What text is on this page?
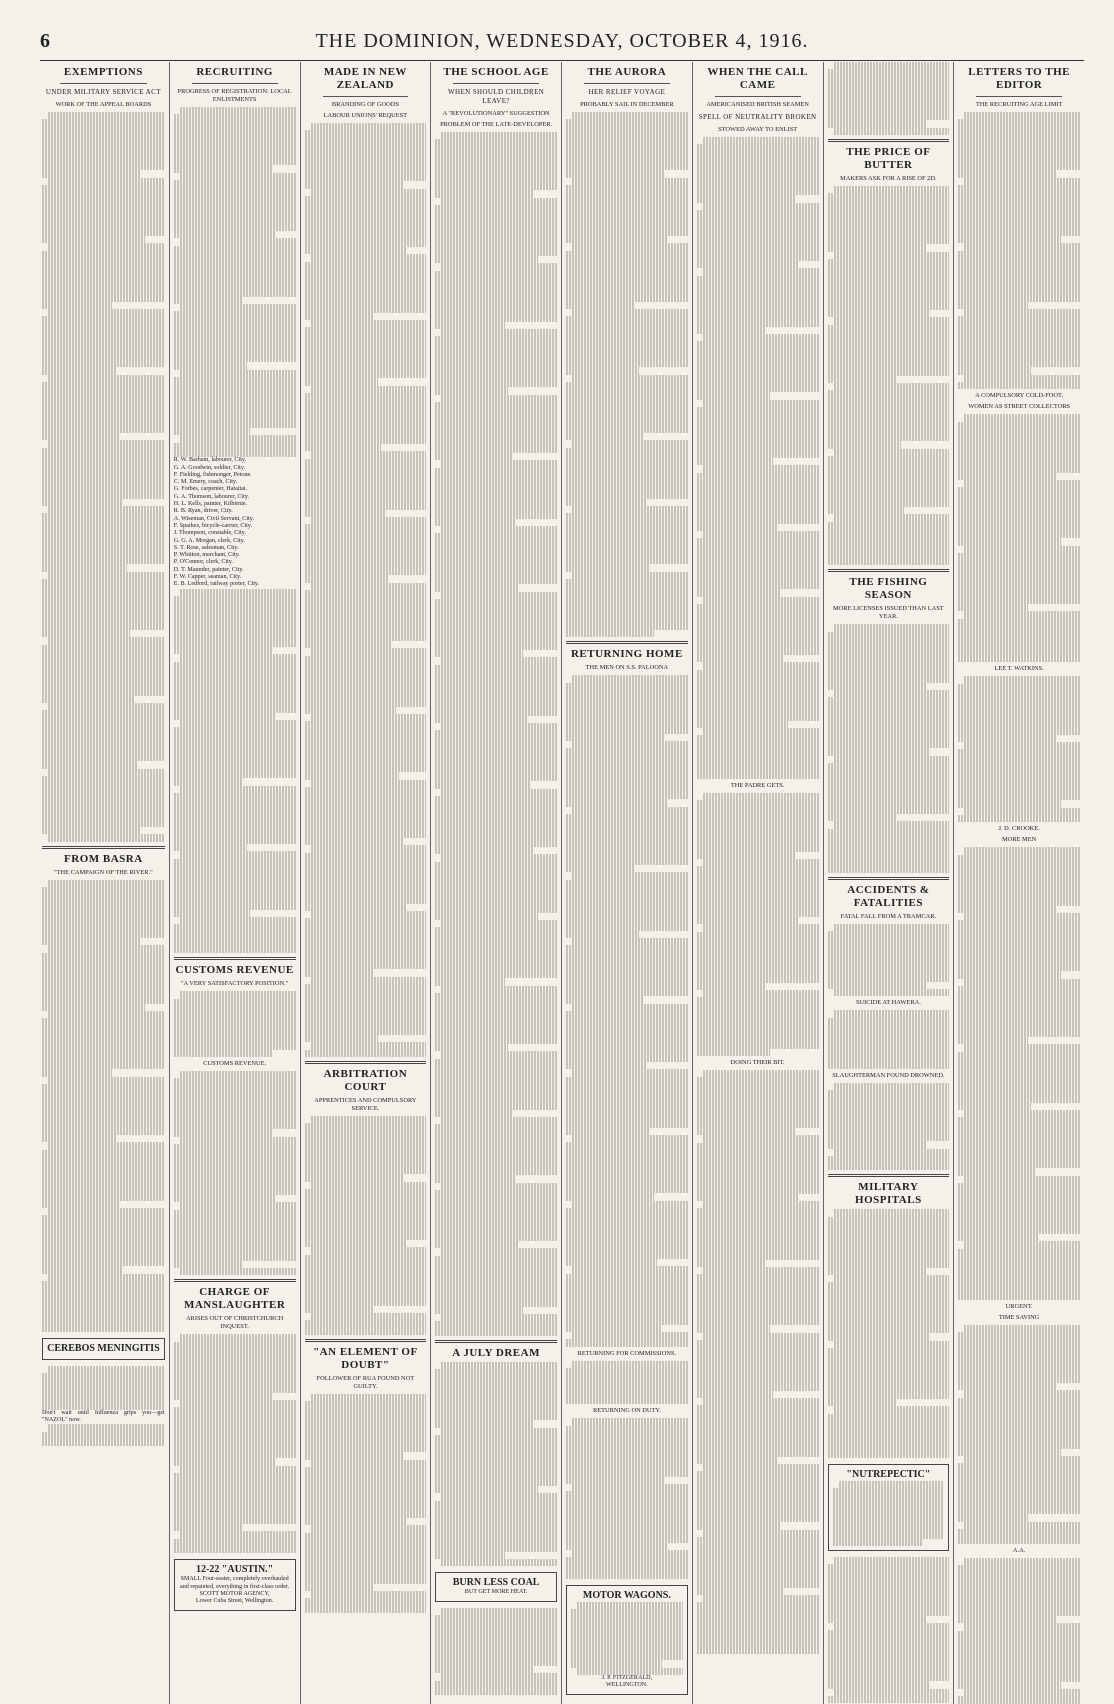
6	THE DOMINION, WEDNESDAY, OCTOBER 4, 1916.
EXEMPTIONS
UNDER MILITARY SERVICE ACT
WORK OF THE APPEAL BOARDS
FROM BASRA
"THE CAMPAIGN OF THE RIVER."
CEREBOS MENINGITIS
Don't wait until Influenza grips you—get "NAZOL" now.
RECRUITING
PROGRESS OF REGISTRATION: LOCAL ENLISTMENTS
R. W. Barham, labourer, City.
G. A. Goodwin, soldier, City.
F. Fielding, fishmonger, Petone.
C. M. Emery, coach, City.
G. Forbes, carpenter, Hataitai.
G. A. Thomson, labourer, City.
H. L. Kells, painter, Kilbirnie.
R. B. Ryan, driver, City.
A. Wiseman, Civil Servant, City.
F. Sparkes, bicycle-carrier, City.
J. Thompson, constable, City.
G. G. A. Morgan, clerk, City.
S. T. Rose, salesman, City.
P. Whitton, merchant, City.
P. O'Connor, clerk, City.
D. T. Maunder, painter, City.
F. W. Capper, seaman, City.
E. B. Ledford, railway porter, City.
CUSTOMS REVENUE
"A VERY SATISFACTORY POSITION."
CUSTOMS REVENUE.
CHARGE OF MANSLAUGHTER
ARISES OUT OF CHRISTCHURCH INQUEST.
12-22 "AUSTIN."
SMALL Four-seater, completely overhauled and repainted, everything in first-class order.
SCOTT MOTOR AGENCY,
Lower Cuba Street, Wellington.
MADE IN NEW ZEALAND
BRANDING OF GOODS
LABOUR UNIONS' REQUEST
ARBITRATION COURT
APPRENTICES AND COMPULSORY SERVICE.
"AN ELEMENT OF DOUBT"
FOLLOWER OF RUA FOUND NOT GUILTY.
THE SCHOOL AGE
WHEN SHOULD CHILDREN LEAVE?
A "REVOLUTIONARY" SUGGESTION
PROBLEM OF THE LATE-DEVELOPER.
A JULY DREAM
BURN LESS COAL
BUT GET MORE HEAT.
THE AURORA
HER RELIEF VOYAGE
PROBABLY SAIL IN DECEMBER
RETURNING HOME
THE MEN ON S.S. PALOONA
RETURNING FOR COMMISSIONS.
RETURNING ON DUTY.
MOTOR WAGONS.
J. P. FITZGERALD,
WELLINGTON.
WHEN THE CALL CAME
AMERICANISED BRITISH SEAMEN
SPELL OF NEUTRALITY BROKEN
STOWED AWAY TO ENLIST
THE PADRE GETS.
DOING THEIR BIT.
THE PRICE OF BUTTER
MAKERS ASK FOR A RISE OF 2D.
THE FISHING SEASON
MORE LICENSES ISSUED THAN LAST YEAR.
ACCIDENTS & FATALITIES
FATAL FALL FROM A TRAMCAR.
SUICIDE AT HAWERA.
SLAUGHTERMAN FOUND DROWNED.
MILITARY HOSPITALS
"NUTREPECTIC"
LETTERS TO THE EDITOR
THE RECRUITING AGE LIMIT
A COMPULSORY COLD-FOOT.
WOMEN AS STREET COLLECTORS
LEE T. WATKINS.
J. D. CROOKE.
MORE MEN
URGENT.
TIME SAVING
A.A.
